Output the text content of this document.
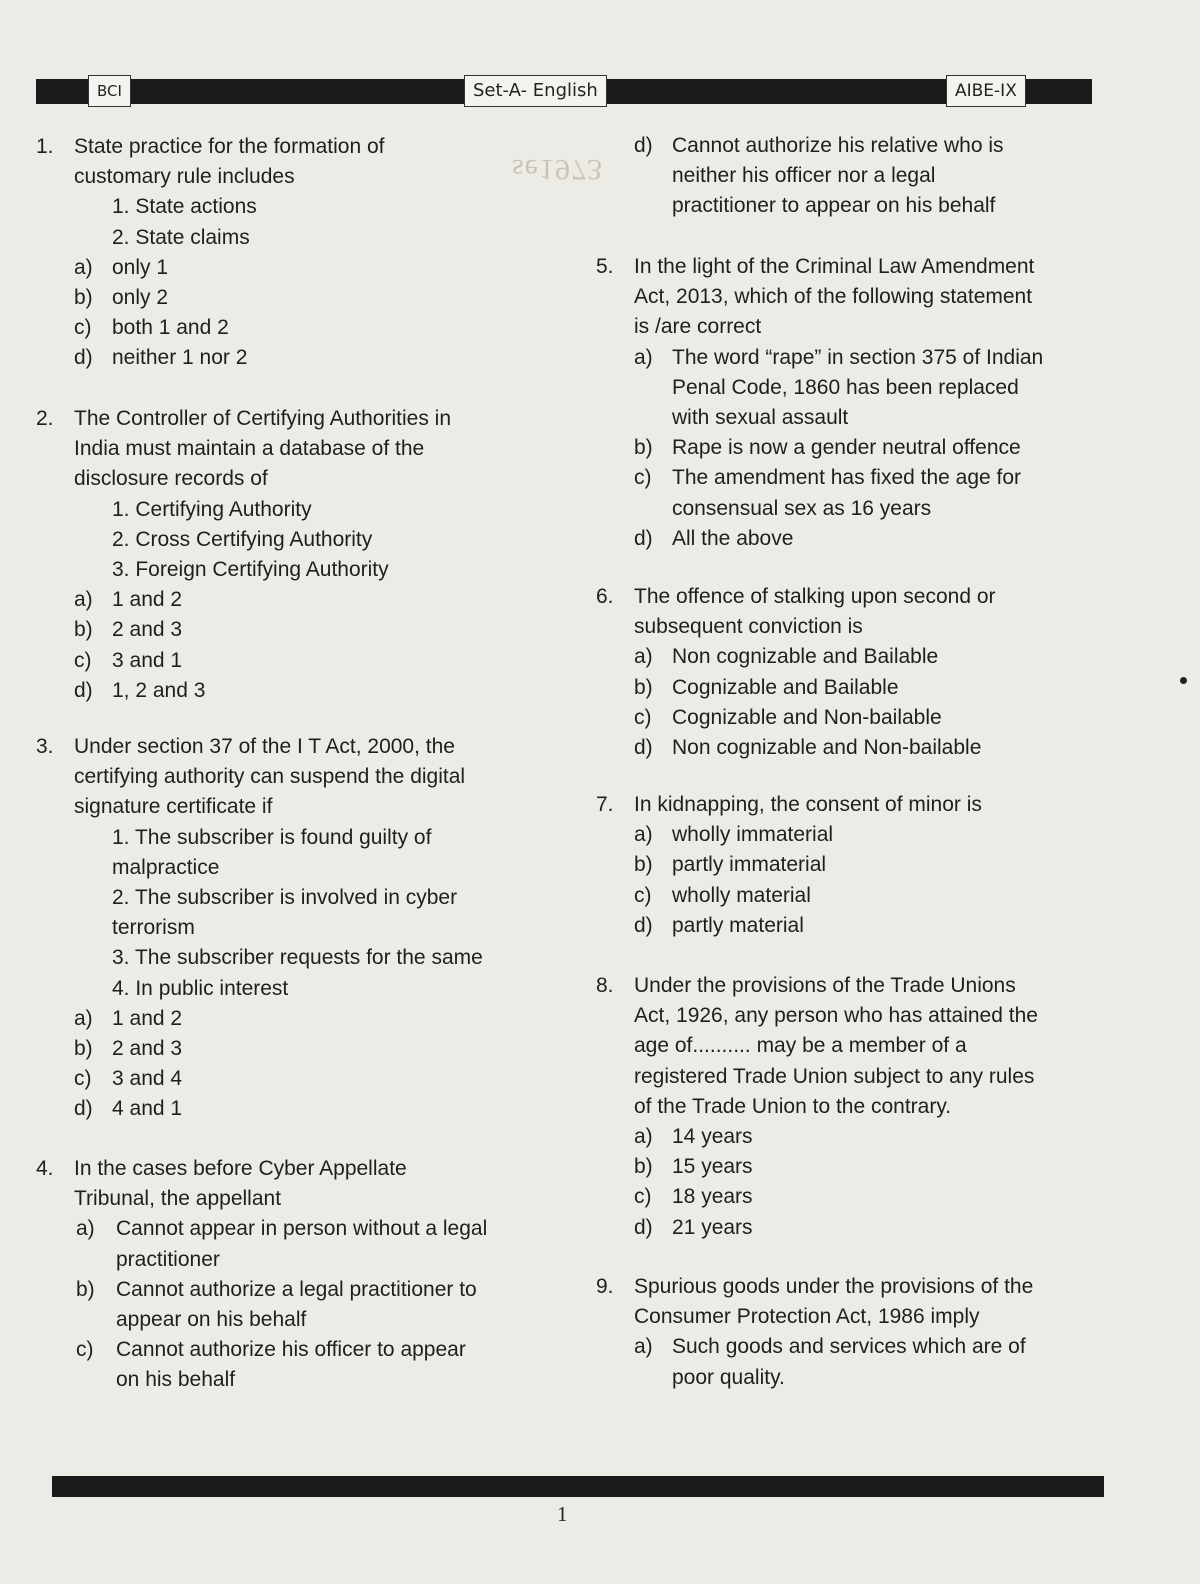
BCI	Set-A- English	AIBE-IX
se1973
State practice for the formation of
1.
customary rule includes
1. State actions
2. State claims
only 1
a)
only 2
b)
both 1 and 2
c)
neither 1 nor 2
d)
The Controller of Certifying Authorities in
2.
India must maintain a database of the
disclosure records of
1. Certifying Authority
2. Cross Certifying Authority
3. Foreign Certifying Authority
1 and 2
a)
2 and 3
b)
3 and 1
c)
1, 2 and 3
d)
Under section 37 of the I T Act, 2000, the
3.
certifying authority can suspend the digital
signature certificate if
1. The subscriber is found guilty of
malpractice
2. The subscriber is involved in cyber
terrorism
3. The subscriber requests for the same
4. In public interest
1 and 2
a)
2 and 3
b)
3 and 4
c)
4 and 1
d)
In the cases before Cyber Appellate
4.
Tribunal, the appellant
Cannot appear in person without a legal
a)
practitioner
Cannot authorize a legal practitioner to
b)
appear on his behalf
Cannot authorize his officer to appear
c)
on his behalf
Cannot authorize his relative who is
d)
neither his officer nor a legal
practitioner to appear on his behalf
In the light of the Criminal Law Amendment
5.
Act, 2013, which of the following statement
is /are correct
The word “rape” in section 375 of Indian
a)
Penal Code, 1860 has been replaced
with sexual assault
Rape is now a gender neutral offence
b)
The amendment has fixed the age for
c)
consensual sex as 16 years
All the above
d)
The offence of stalking upon second or
6.
subsequent conviction is
Non cognizable and Bailable
a)
Cognizable and Bailable
b)
Cognizable and Non-bailable
c)
Non cognizable and Non-bailable
d)
In kidnapping, the consent of minor is
7.
wholly immaterial
a)
partly immaterial
b)
wholly material
c)
partly material
d)
Under the provisions of the Trade Unions
8.
Act, 1926, any person who has attained the
age of.......... may be a member of a
registered Trade Union subject to any rules
of the Trade Union to the contrary.
14 years
a)
15 years
b)
18 years
c)
21 years
d)
Spurious goods under the provisions of the
9.
Consumer Protection Act, 1986 imply
Such goods and services which are of
a)
poor quality.
1
